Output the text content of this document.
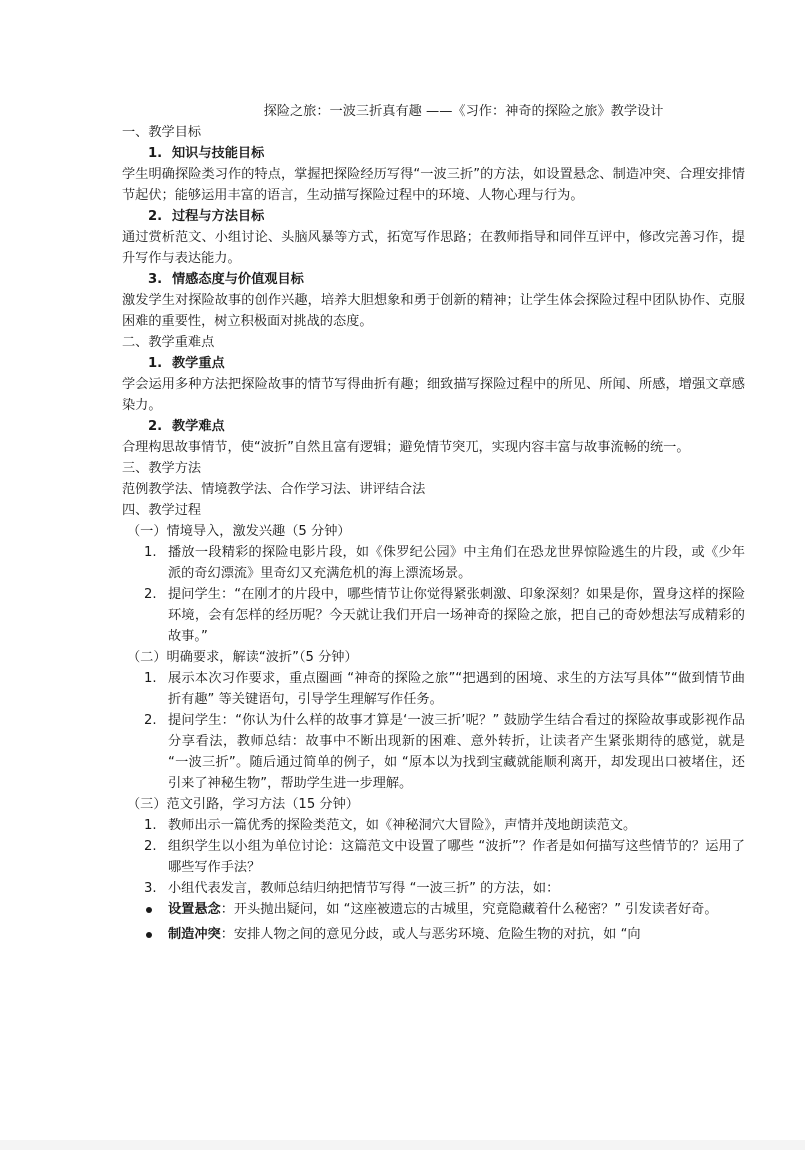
探险之旅：一波三折真有趣 ——《习作：神奇的探险之旅》教学设计
一、教学目标
1. 知识与技能目标
学生明确探险类习作的特点，掌握把探险经历写得“一波三折”的方法，如设置悬念、制造冲突、合理安排情节起伏；能够运用丰富的语言，生动描写探险过程中的环境、人物心理与行为。
2. 过程与方法目标
通过赏析范文、小组讨论、头脑风暴等方式，拓宽写作思路；在教师指导和同伴互评中，修改完善习作，提升写作与表达能力。
3. 情感态度与价值观目标
激发学生对探险故事的创作兴趣，培养大胆想象和勇于创新的精神；让学生体会探险过程中团队协作、克服困难的重要性，树立积极面对挑战的态度。
二、教学重难点
1. 教学重点
学会运用多种方法把探险故事的情节写得曲折有趣；细致描写探险过程中的所见、所闻、所感，增强文章感染力。
2. 教学难点
合理构思故事情节，使“波折”自然且富有逻辑；避免情节突兀，实现内容丰富与故事流畅的统一。
三、教学方法
范例教学法、情境教学法、合作学习法、讲评结合法
四、教学过程
（一）情境导入，激发兴趣（5 分钟）
1. 播放一段精彩的探险电影片段，如《侏罗纪公园》中主角们在恐龙世界惊险逃生的片段，或《少年派的奇幻漂流》里奇幻又充满危机的海上漂流场景。
2. 提问学生：“在刚才的片段中，哪些情节让你觉得紧张刺激、印象深刻？如果是你，置身这样的探险环境，会有怎样的经历呢？今天就让我们开启一场神奇的探险之旅，把自己的奇妙想法写成精彩的故事。”
（二）明确要求，解读“波折”（5 分钟）
1. 展示本次习作要求，重点圈画 “神奇的探险之旅”“把遇到的困境、求生的方法写具体”“做到情节曲折有趣” 等关键语句，引导学生理解写作任务。
2. 提问学生：“你认为什么样的故事才算是‘一波三折’呢？” 鼓励学生结合看过的探险故事或影视作品分享看法，教师总结：故事中不断出现新的困难、意外转折，让读者产生紧张期待的感觉，就是 “一波三折”。随后通过简单的例子，如 “原本以为找到宝藏就能顺利离开，却发现出口被堵住，还引来了神秘生物”，帮助学生进一步理解。
（三）范文引路，学习方法（15 分钟）
1. 教师出示一篇优秀的探险类范文，如《神秘洞穴大冒险》，声情并茂地朗读范文。
2. 组织学生以小组为单位讨论：这篇范文中设置了哪些 “波折”？作者是如何描写这些情节的？运用了哪些写作手法？
3. 小组代表发言，教师总结归纳把情节写得 “一波三折” 的方法，如：
设置悬念：开头抛出疑问，如 “这座被遗忘的古城里，究竟隐藏着什么秘密？” 引发读者好奇。
制造冲突：安排人物之间的意见分歧，或人与恶劣环境、危险生物的对抗，如 “向
